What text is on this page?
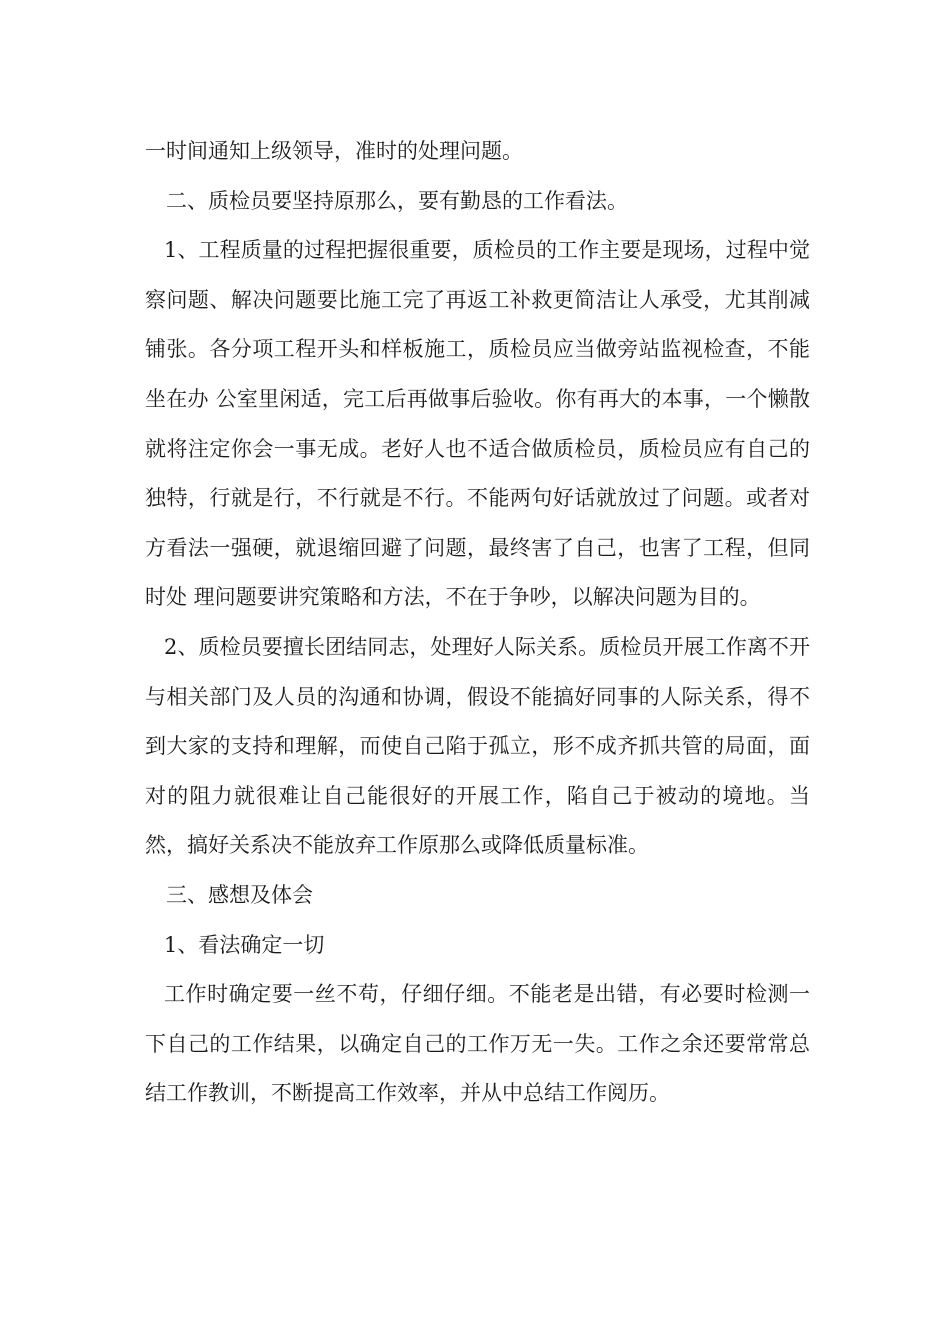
一时间通知上级领导，准时的处理问题。

二、质检员要坚持原那么，要有勤恳的工作看法。

1、工程质量的过程把握很重要，质检员的工作主要是现场，过程中觉察问题、解决问题要比施工完了再返工补救更简洁让人承受，尤其削减铺张。各分项工程开头和样板施工，质检员应当做旁站监视检查，不能坐在办 公室里闲适，完工后再做事后验收。你有再大的本事，一个懒散就将注定你会一事无成。老好人也不适合做质检员，质检员应有自己的独特，行就是行，不行就是不行。不能两句好话就放过了问题。或者对方看法一强硬，就退缩回避了问题，最终害了自己，也害了工程，但同时处 理问题要讲究策略和方法，不在于争吵，以解决问题为目的。

2、质检员要擅长团结同志，处理好人际关系。质检员开展工作离不开与相关部门及人员的沟通和协调，假设不能搞好同事的人际关系，得不到大家的支持和理解，而使自己陷于孤立，形不成齐抓共管的局面，面对的阻力就很难让自己能很好的开展工作，陷自己于被动的境地。当然，搞好关系决不能放弃工作原那么或降低质量标准。

三、感想及体会

1、看法确定一切

工作时确定要一丝不苟，仔细仔细。不能老是出错，有必要时检测一下自己的工作结果，以确定自己的工作万无一失。工作之余还要常常总结工作教训，不断提高工作效率，并从中总结工作阅历。
